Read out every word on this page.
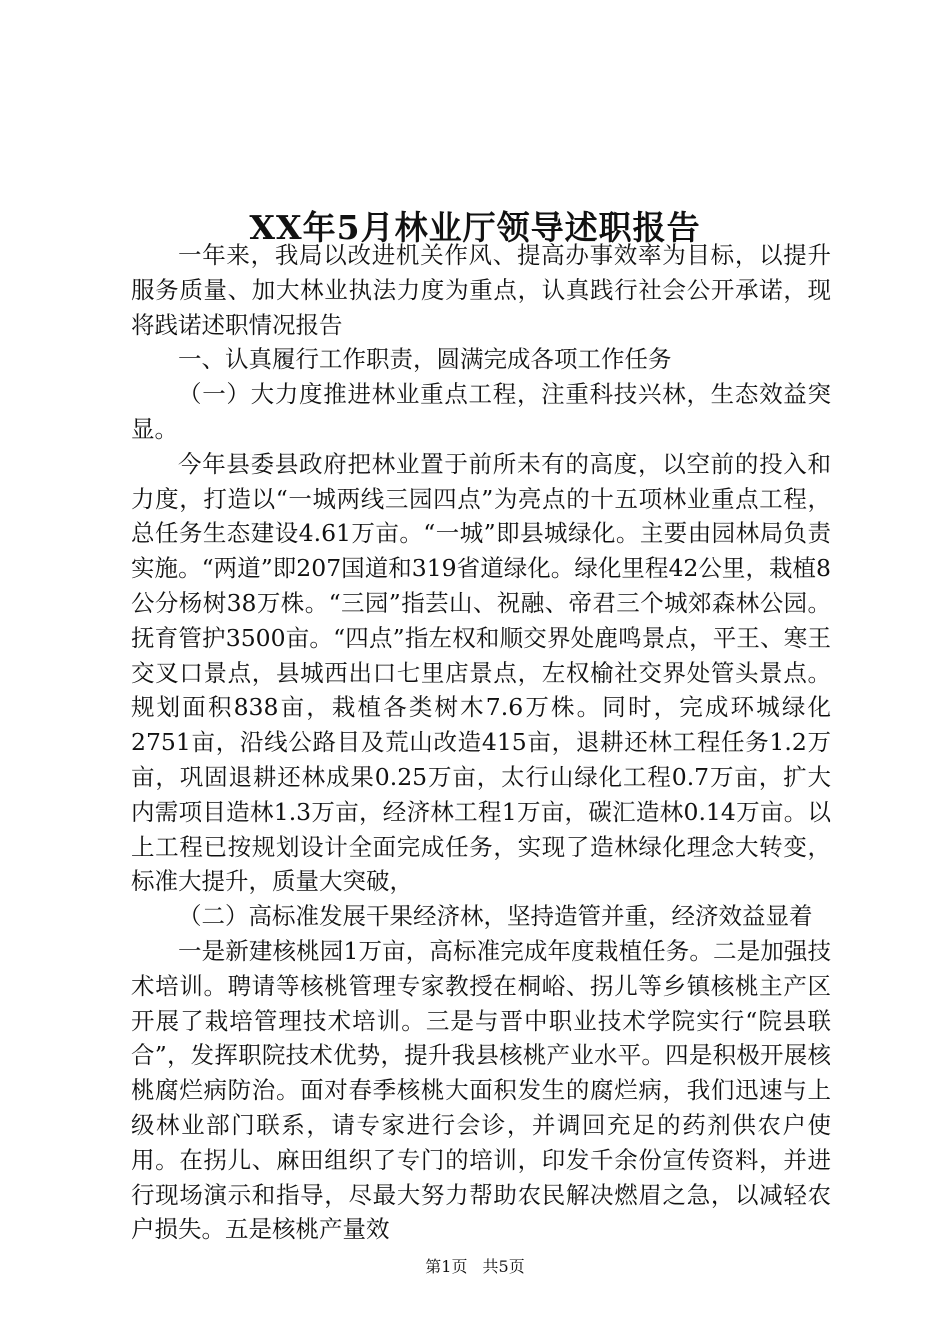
XX年5月林业厅领导述职报告

一年来，我局以改进机关作风、提高办事效率为目标，以提升服务质量、加大林业执法力度为重点，认真践行社会公开承诺，现将践诺述职情况报告

一、认真履行工作职责，圆满完成各项工作任务

（一）大力度推进林业重点工程，注重科技兴林，生态效益突显。

今年县委县政府把林业置于前所未有的高度，以空前的投入和力度，打造以“一城两线三园四点”为亮点的十五项林业重点工程，总任务生态建设4.61万亩。“一城”即县城绿化。主要由园林局负责实施。“两道”即207国道和319省道绿化。绿化里程42公里，栽植8公分杨树38万株。“三园”指芸山、祝融、帝君三个城郊森林公园。抚育管护3500亩。“四点”指左权和顺交界处鹿鸣景点，平王、寒王交叉口景点，县城西出口七里店景点，左权榆社交界处管头景点。规划面积838亩，栽植各类树木7.6万株。同时，完成环城绿化2751亩，沿线公路目及荒山改造415亩，退耕还林工程任务1.2万亩，巩固退耕还林成果0.25万亩，太行山绿化工程0.7万亩，扩大内需项目造林1.3万亩，经济林工程1万亩，碳汇造林0.14万亩。以上工程已按规划设计全面完成任务，实现了造林绿化理念大转变，标准大提升，质量大突破，

（二）高标准发展干果经济林，坚持造管并重，经济效益显着

一是新建核桃园1万亩，高标准完成年度栽植任务。二是加强技术培训。聘请等核桃管理专家教授在桐峪、拐儿等乡镇核桃主产区开展了栽培管理技术培训。三是与晋中职业技术学院实行“院县联合”，发挥职院技术优势，提升我县核桃产业水平。四是积极开展核桃腐烂病防治。面对春季核桃大面积发生的腐烂病，我们迅速与上级林业部门联系，请专家进行会诊，并调回充足的药剂供农户使用。在拐儿、麻田组织了专门的培训，印发千余份宣传资料，并进行现场演示和指导，尽最大努力帮助农民解决燃眉之急，以减轻农户损失。五是核桃产量效

第1页 共5页
